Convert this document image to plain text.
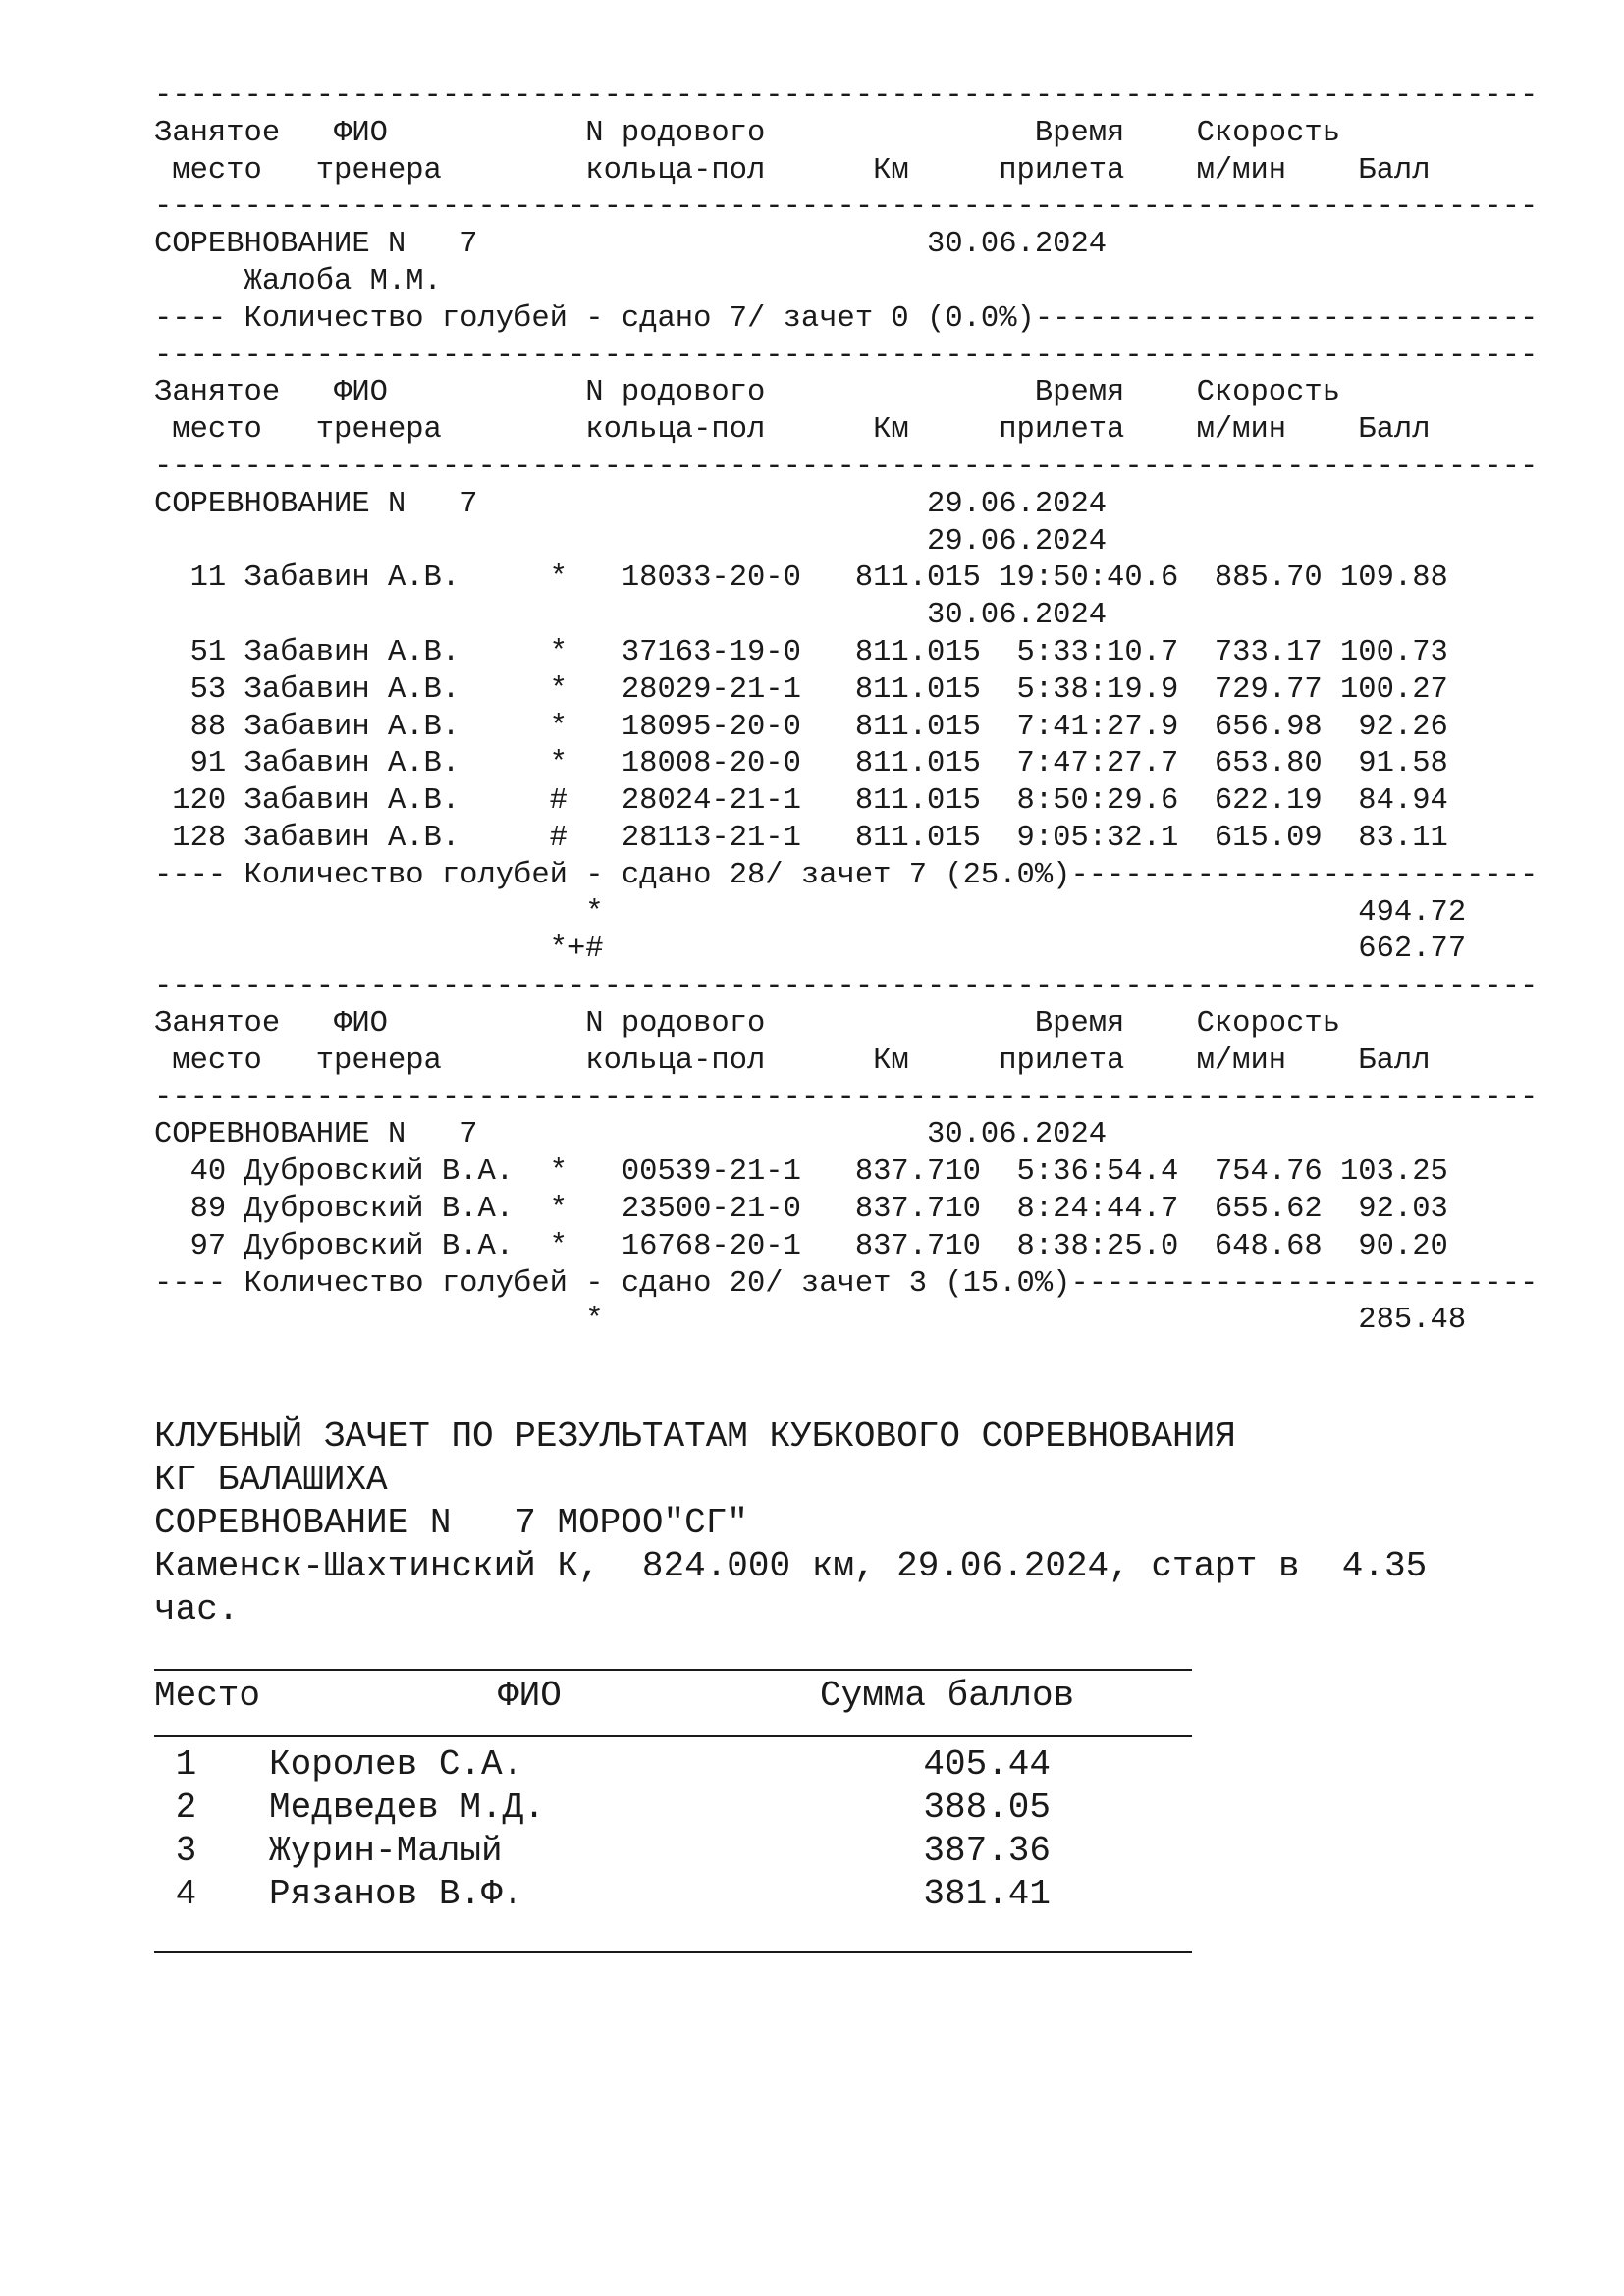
-----------------------------------------------------------------------------
Занятое   ФИО           N родового               Время    Скорость
место   тренера        кольца-пол      Км     прилета    м/мин    Балл
-----------------------------------------------------------------------------
СОРЕВНОВАНИЕ N   7                         30.06.2024
Жалоба М.М.
---- Количество голубей - сдано 7/ зачет 0 (0.0%)----------------------------
-----------------------------------------------------------------------------
Занятое   ФИО           N родового               Время    Скорость
место   тренера        кольца-пол      Км     прилета    м/мин    Балл
-----------------------------------------------------------------------------
СОРЕВНОВАНИЕ N   7                         29.06.2024
29.06.2024
11 Забавин А.В.     *   18033-20-0   811.015 19:50:40.6  885.70 109.88
30.06.2024
51 Забавин А.В.     *   37163-19-0   811.015  5:33:10.7  733.17 100.73
53 Забавин А.В.     *   28029-21-1   811.015  5:38:19.9  729.77 100.27
88 Забавин А.В.     *   18095-20-0   811.015  7:41:27.9  656.98  92.26
91 Забавин А.В.     *   18008-20-0   811.015  7:47:27.7  653.80  91.58
120 Забавин А.В.     #   28024-21-1   811.015  8:50:29.6  622.19  84.94
128 Забавин А.В.     #   28113-21-1   811.015  9:05:32.1  615.09  83.11
---- Количество голубей - сдано 28/ зачет 7 (25.0%)--------------------------
*                                          494.72
*+#                                          662.77
-----------------------------------------------------------------------------
Занятое   ФИО           N родового               Время    Скорость
место   тренера        кольца-пол      Км     прилета    м/мин    Балл
-----------------------------------------------------------------------------
СОРЕВНОВАНИЕ N   7                         30.06.2024
40 Дубровский В.А.  *   00539-21-1   837.710  5:36:54.4  754.76 103.25
89 Дубровский В.А.  *   23500-21-0   837.710  8:24:44.7  655.62  92.03
97 Дубровский В.А.  *   16768-20-1   837.710  8:38:25.0  648.68  90.20
---- Количество голубей - сдано 20/ зачет 3 (15.0%)--------------------------
*                                          285.48
КЛУБНЫЙ ЗАЧЕТ ПО РЕЗУЛЬТАТАМ КУБКОВОГО СОРЕВНОВАНИЯ
КГ БАЛАШИХА
СОРЕВНОВАНИЕ N   7 МОРОО"СГ"
Каменск-Шахтинский К,  824.000 км, 29.06.2024, старт в  4.35
час.
Место	ФИО	Сумма баллов
1 Королев С.А.	405.44
2 Медведев М.Д.	388.05
3 Журин-Малый	387.36
4 Рязанов В.Ф.	381.41
